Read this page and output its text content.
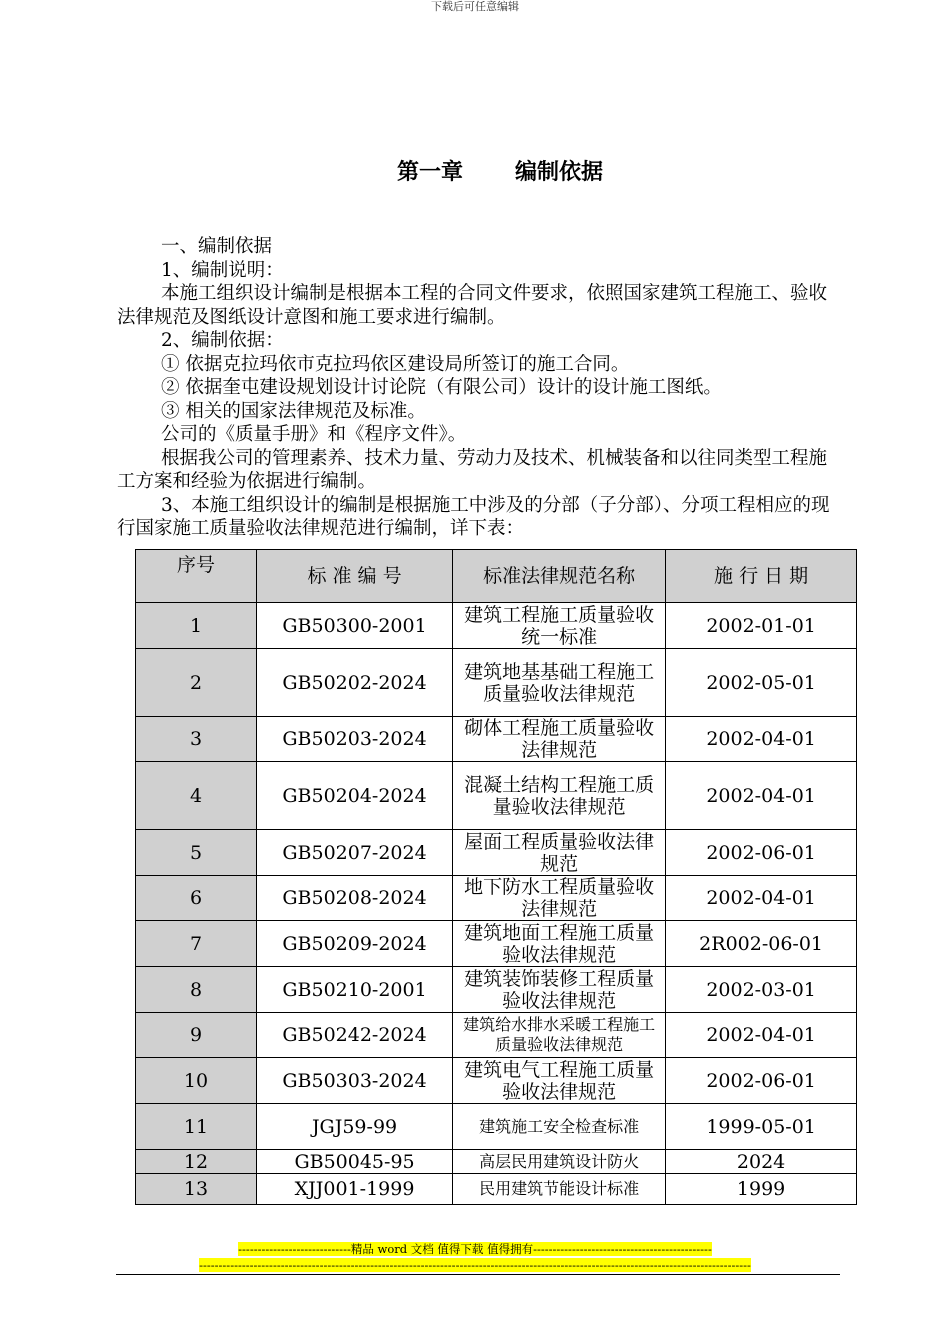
下载后可任意编辑
第一章 编制依据

一、编制依据

1、编制说明：

本施工组织设计编制是根据本工程的合同文件要求，依照国家建筑工程施工、验收法律规范及图纸设计意图和施工要求进行编制。

2、编制依据：

① 依据克拉玛依市克拉玛依区建设局所签订的施工合同。

② 依据奎屯建设规划设计讨论院（有限公司）设计的设计施工图纸。

③ 相关的国家法律规范及标准。

公司的《质量手册》和《程序文件》。

根据我公司的管理素养、技术力量、劳动力及技术、机械装备和以往同类型工程施工方案和经验为依据进行编制。

3、本施工组织设计的编制是根据施工中涉及的分部（子分部）、分项工程相应的现行国家施工质量验收法律规范进行编制，详下表：

序号	标 准 编 号	标准法律规范名称	施 行 日 期
1	GB50300-2001	建筑工程施工质量验收统一标准	2002-01-01
2	GB50202-2024	建筑地基基础工程施工质量验收法律规范	2002-05-01
3	GB50203-2024	砌体工程施工质量验收法律规范	2002-04-01
4	GB50204-2024	混凝土结构工程施工质量验收法律规范	2002-04-01
5	GB50207-2024	屋面工程质量验收法律规范	2002-06-01
6	GB50208-2024	地下防水工程质量验收法律规范	2002-04-01
7	GB50209-2024	建筑地面工程施工质量验收法律规范	2R002-06-01
8	GB50210-2001	建筑装饰装修工程质量验收法律规范	2002-03-01
9	GB50242-2024	建筑给水排水采暖工程施工质量验收法律规范	2002-04-01
10	GB50303-2024	建筑电气工程施工质量验收法律规范	2002-06-01
11	JGJ59-99	建筑施工安全检查标准	1999-05-01
12	GB50045-95	高层民用建筑设计防火	2024
13	XJJ001-1999	民用建筑节能设计标准	1999
-----------------------------精品 word 文档 值得下载 值得拥有----------------------------------------------
----------------------------------------------------------------------------------------------------------------------------------------------
